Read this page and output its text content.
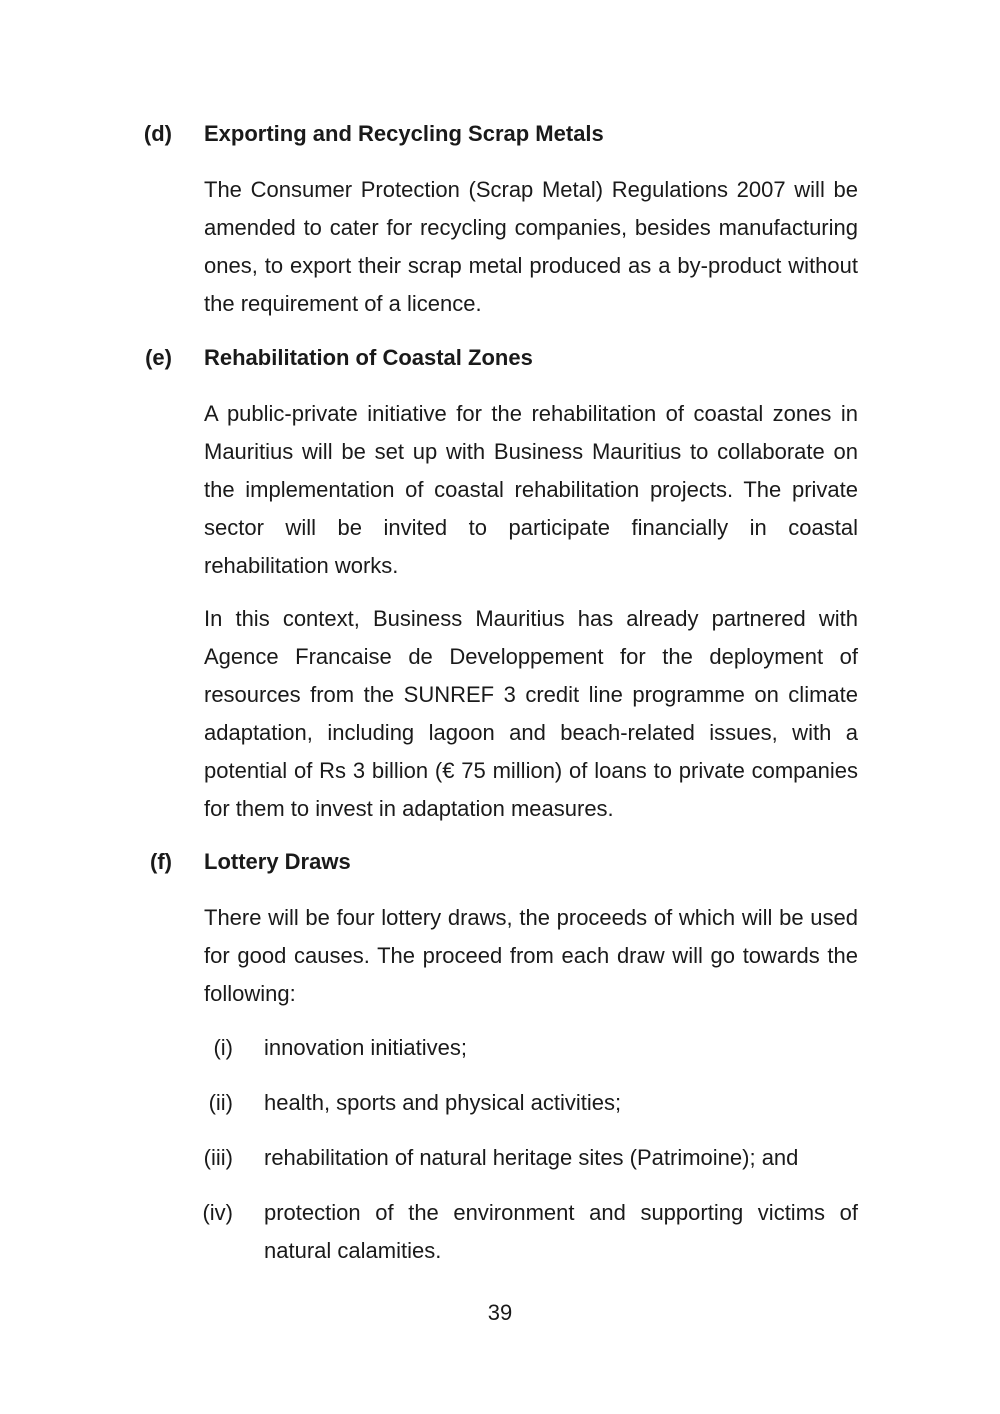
(d) Exporting and Recycling Scrap Metals

The Consumer Protection (Scrap Metal) Regulations 2007 will be amended to cater for recycling companies, besides manufacturing ones, to export their scrap metal produced as a by-product without the requirement of a licence.

(e) Rehabilitation of Coastal Zones

A public-private initiative for the rehabilitation of coastal zones in Mauritius will be set up with Business Mauritius to collaborate on the implementation of coastal rehabilitation projects. The private sector will be invited to participate financially in coastal rehabilitation works.

In this context, Business Mauritius has already partnered with Agence Francaise de Developpement for the deployment of resources from the SUNREF 3 credit line programme on climate adaptation, including lagoon and beach-related issues, with a potential of Rs 3 billion (€ 75 million) of loans to private companies for them to invest in adaptation measures.

(f) Lottery Draws

There will be four lottery draws, the proceeds of which will be used for good causes. The proceed from each draw will go towards the following:

(i) innovation initiatives;
(ii) health, sports and physical activities;
(iii) rehabilitation of natural heritage sites (Patrimoine); and
(iv) protection of the environment and supporting victims of natural calamities.
39
